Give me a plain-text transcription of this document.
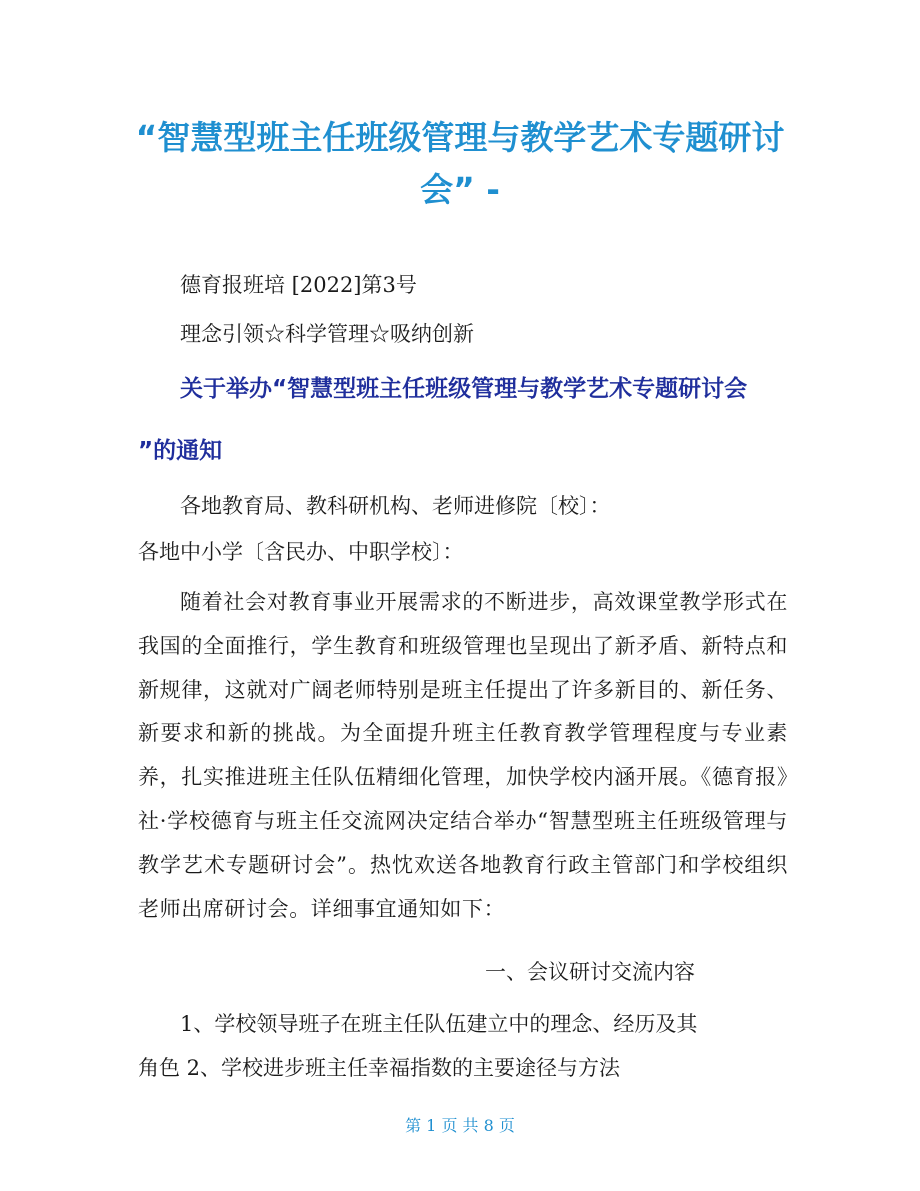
“智慧型班主任班级管理与教学艺术专题研讨会” -

德育报班培 [2022]第3号

理念引领☆科学管理☆吸纳创新

关于举办“智慧型班主任班级管理与教学艺术专题研讨会

”的通知

各地教育局、教科研机构、老师进修院〔校〕：

各地中小学〔含民办、中职学校〕：

随着社会对教育事业开展需求的不断进步，高效课堂教学形式在我国的全面推行，学生教育和班级管理也呈现出了新矛盾、新特点和新规律，这就对广阔老师特别是班主任提出了许多新目的、新任务、新要求和新的挑战。为全面提升班主任教育教学管理程度与专业素养，扎实推进班主任队伍精细化管理，加快学校内涵开展。《德育报》社·学校德育与班主任交流网决定结合举办“智慧型班主任班级管理与教学艺术专题研讨会”。热忱欢送各地教育行政主管部门和学校组织老师出席研讨会。详细事宜通知如下：

一、会议研讨交流内容

1、学校领导班子在班主任队伍建立中的理念、经历及其

角色 2、学校进步班主任幸福指数的主要途径与方法

第 1 页 共 8 页
